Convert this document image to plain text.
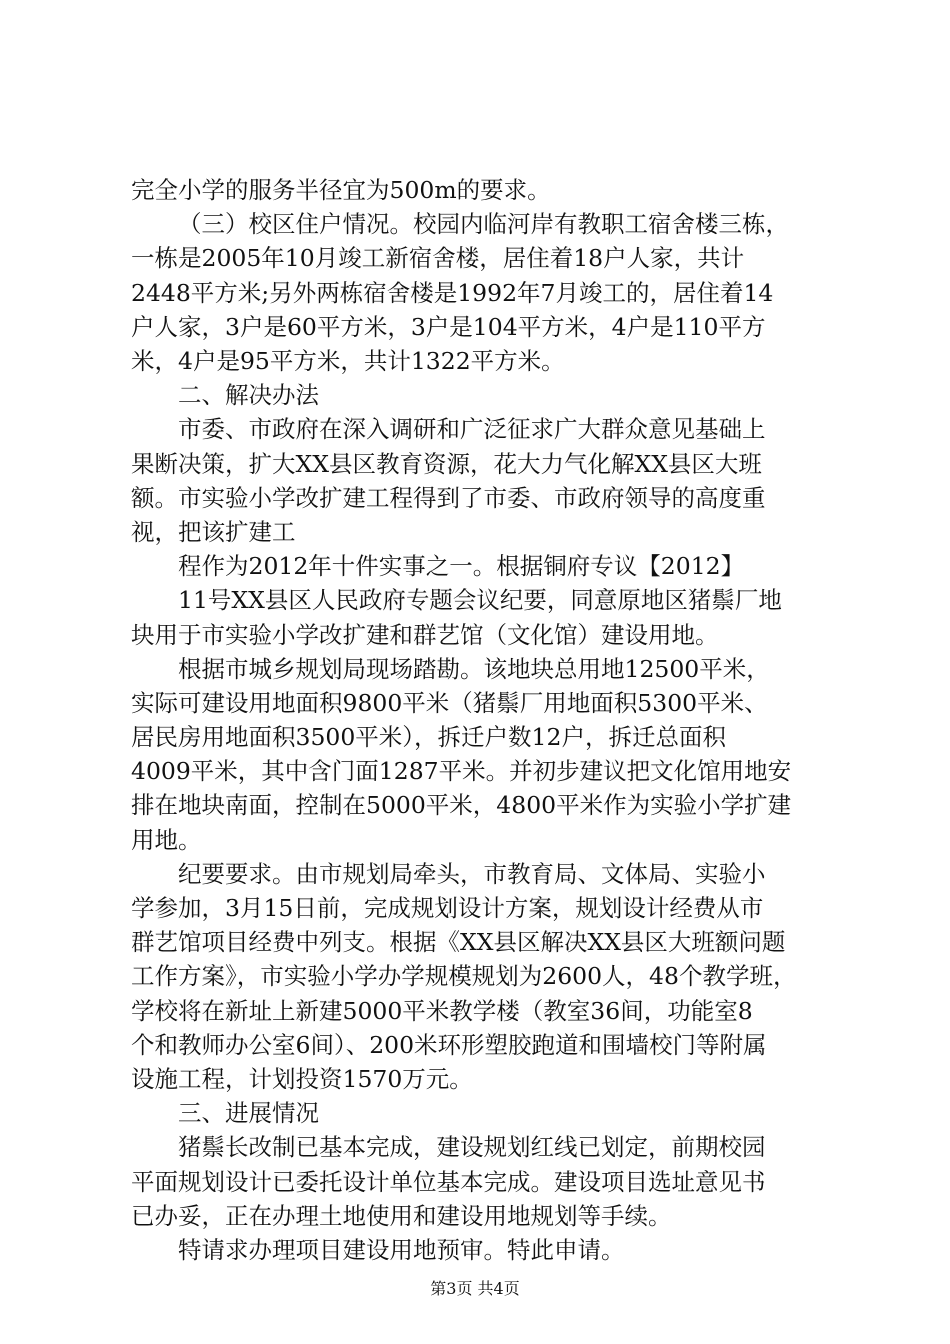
完全小学的服务半径宜为500m的要求。
（三）校区住户情况。校园内临河岸有教职工宿舍楼三栋，
一栋是2005年10月竣工新宿舍楼，居住着18户人家，共计
2448平方米;另外两栋宿舍楼是1992年7月竣工的，居住着14
户人家，3户是60平方米，3户是104平方米，4户是110平方
米，4户是95平方米，共计1322平方米。
二、解决办法
市委、市政府在深入调研和广泛征求广大群众意见基础上
果断决策，扩大XX县区教育资源，花大力气化解XX县区大班
额。市实验小学改扩建工程得到了市委、市政府领导的高度重
视，把该扩建工
程作为2012年十件实事之一。根据铜府专议【2012】
11号XX县区人民政府专题会议纪要，同意原地区猪鬃厂地
块用于市实验小学改扩建和群艺馆（文化馆）建设用地。
根据市城乡规划局现场踏勘。该地块总用地12500平米，
实际可建设用地面积9800平米（猪鬃厂用地面积5300平米、
居民房用地面积3500平米），拆迁户数12户，拆迁总面积
4009平米，其中含门面1287平米。并初步建议把文化馆用地安
排在地块南面，控制在5000平米，4800平米作为实验小学扩建
用地。
纪要要求。由市规划局牵头，市教育局、文体局、实验小
学参加，3月15日前，完成规划设计方案，规划设计经费从市
群艺馆项目经费中列支。根据《XX县区解决XX县区大班额问题
工作方案》，市实验小学办学规模规划为2600人，48个教学班，
学校将在新址上新建5000平米教学楼（教室36间，功能室8
个和教师办公室6间）、200米环形塑胶跑道和围墙校门等附属
设施工程，计划投资1570万元。
三、进展情况
猪鬃长改制已基本完成，建设规划红线已划定，前期校园
平面规划设计已委托设计单位基本完成。建设项目选址意见书
已办妥，正在办理土地使用和建设用地规划等手续。
特请求办理项目建设用地预审。特此申请。
第3页 共4页
